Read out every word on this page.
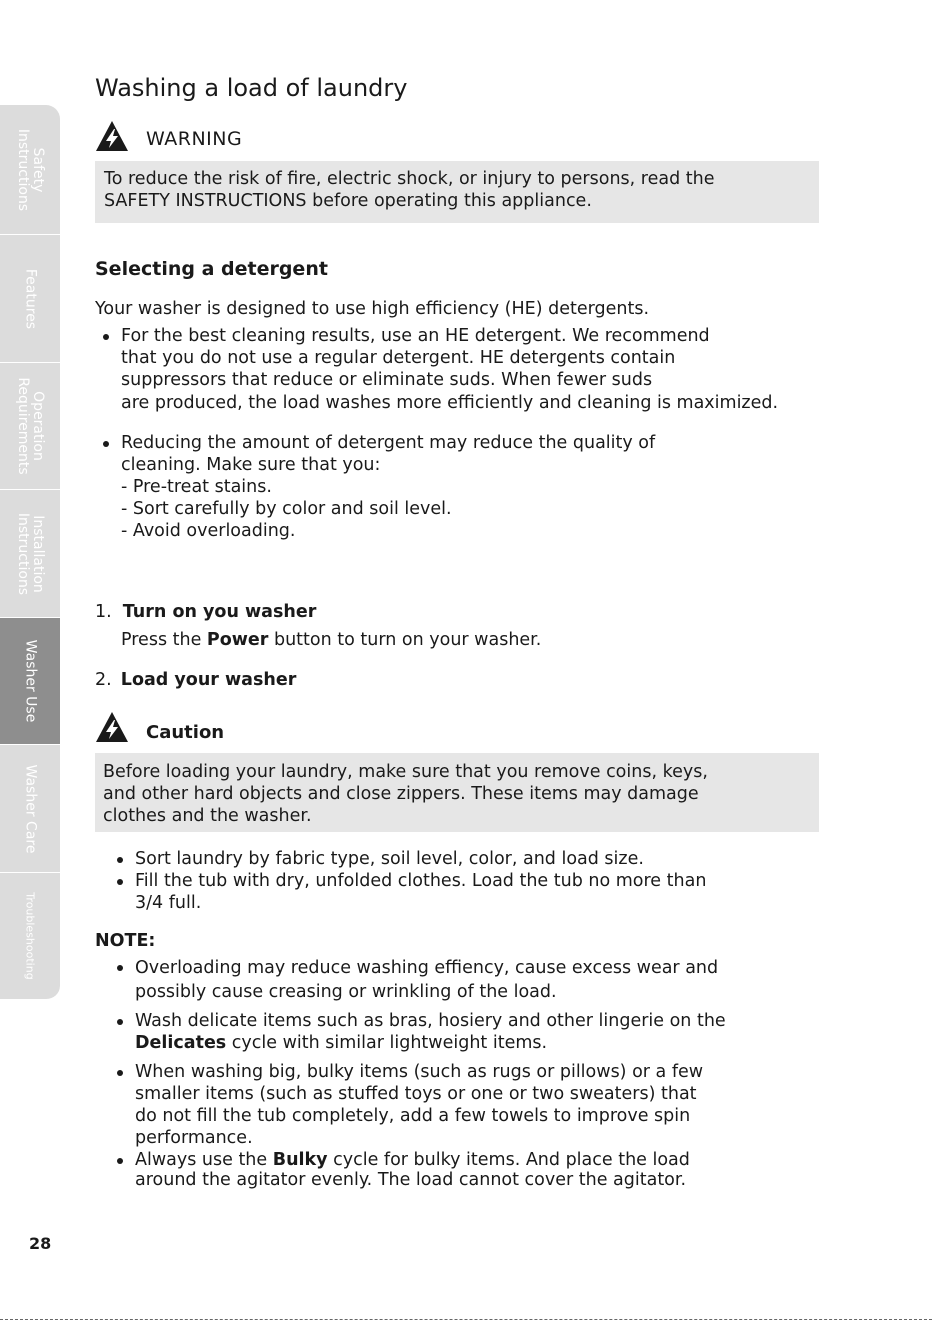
Safety
Instructions
Features
Operation
Requirements
Installation
Instructions
Washer Use
Washer Care
Troubleshooting
Washing a load of laundry
WARNING
To reduce the risk of fire, electric shock, or injury to persons, read the
SAFETY INSTRUCTIONS before operating this appliance.
Selecting a detergent
Your washer is designed to use high efficiency (HE) detergents.
For the best cleaning results, use an HE detergent. We recommend
that you do not use a regular detergent. HE detergents contain
suppressors that reduce or eliminate suds. When fewer suds
are produced, the load washes more efficiently and cleaning is maximized.
Reducing the amount of detergent may reduce the quality of
cleaning. Make sure that you:
- Pre-treat stains.
- Sort carefully by color and soil level.
- Avoid overloading.
1. Turn on you washer
Press the Power button to turn on your washer.
2. Load your washer
Caution
Before loading your laundry, make sure that you remove coins, keys,
and other hard objects and close zippers. These items may damage
clothes and the washer.
Sort laundry by fabric type, soil level, color, and load size.
Fill the tub with dry, unfolded clothes. Load the tub no more than
3/4 full.
NOTE:
Overloading may reduce washing effiency, cause excess wear and
possibly cause creasing or wrinkling of the load.
Wash delicate items such as bras, hosiery and other lingerie on the
Delicates cycle with similar lightweight items.
When washing big, bulky items (such as rugs or pillows) or a few
smaller items (such as stuffed toys or one or two sweaters) that
do not fill the tub completely, add a few towels to improve spin
performance.
Always use the Bulky cycle for bulky items. And place the load
around the agitator evenly. The load cannot cover the agitator.
28
